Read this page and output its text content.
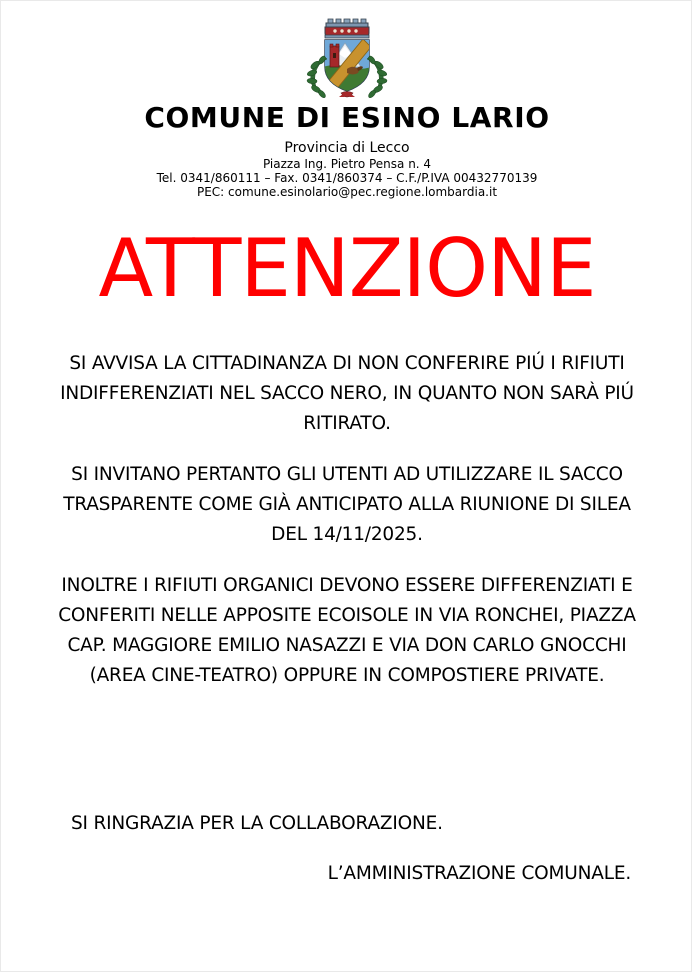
COMUNE DI ESINO LARIO
Provincia di Lecco
Piazza Ing. Pietro Pensa n. 4
Tel. 0341/860111 – Fax. 0341/860374 – C.F./P.IVA 00432770139
PEC: comune.esinolario@pec.regione.lombardia.it
ATTENZIONE

SI AVVISA LA CITTADINANZA DI NON CONFERIRE PIÚ I RIFIUTI INDIFFERENZIATI NEL SACCO NERO, IN QUANTO NON SARÀ PIÚ RITIRATO.

SI INVITANO PERTANTO GLI UTENTI AD UTILIZZARE IL SACCO TRASPARENTE COME GIÀ ANTICIPATO ALLA RIUNIONE DI SILEA DEL 14/11/2025.

INOLTRE I RIFIUTI ORGANICI DEVONO ESSERE DIFFERENZIATI E CONFERITI NELLE APPOSITE ECOISOLE IN VIA RONCHEI, PIAZZA CAP. MAGGIORE EMILIO NASAZZI E VIA DON CARLO GNOCCHI (AREA CINE-TEATRO) OPPURE IN COMPOSTIERE PRIVATE.

SI RINGRAZIA PER LA COLLABORAZIONE.
L’AMMINISTRAZIONE COMUNALE.
